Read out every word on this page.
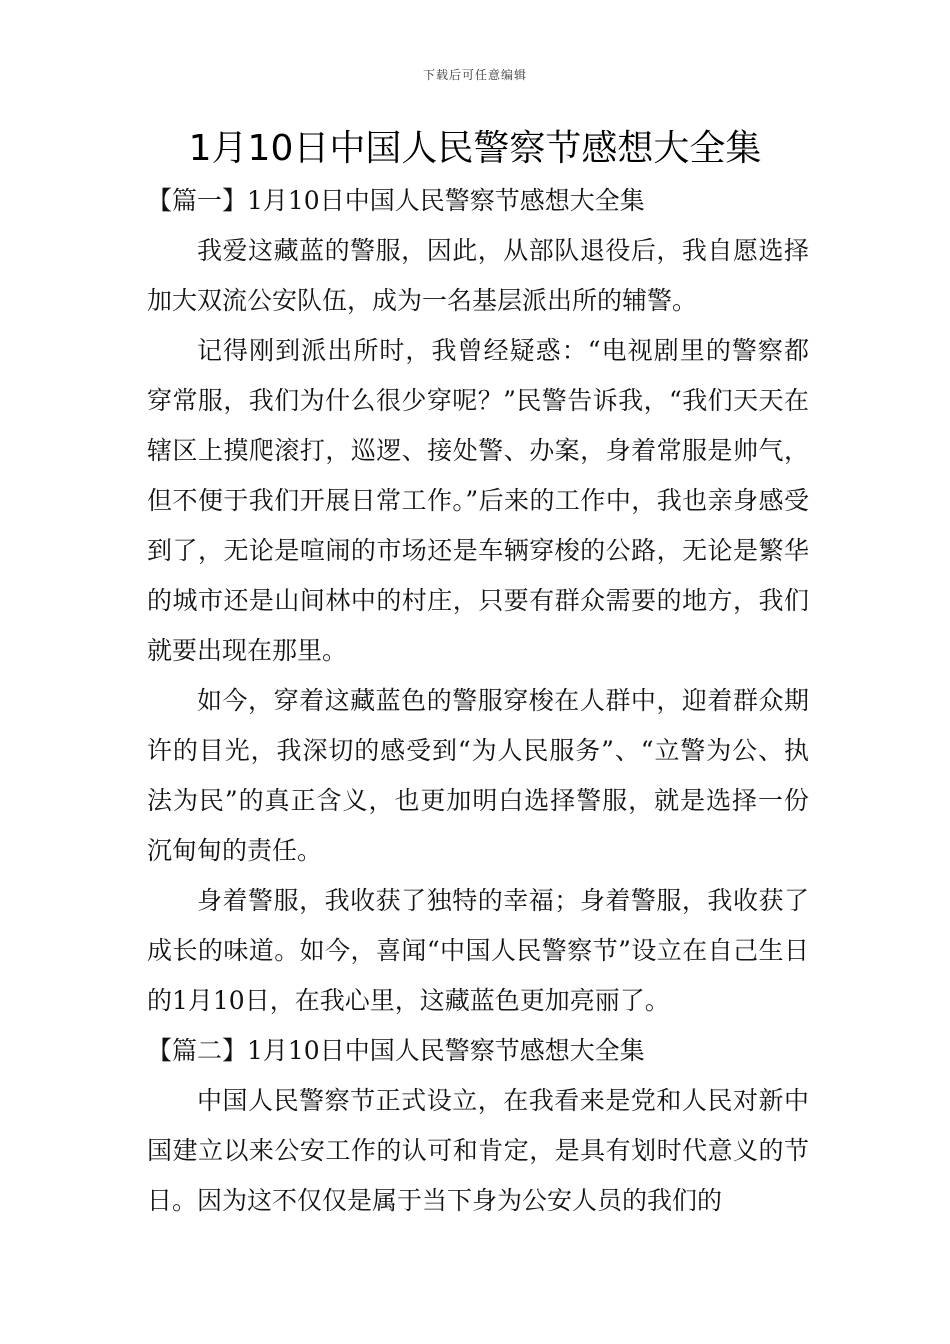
下载后可任意编辑
1月10日中国人民警察节感想大全集
【篇一】1月10日中国人民警察节感想大全集

我爱这藏蓝的警服，因此，从部队退役后，我自愿选择加大双流公安队伍，成为一名基层派出所的辅警。

记得刚到派出所时，我曾经疑惑：“电视剧里的警察都穿常服，我们为什么很少穿呢？”民警告诉我，“我们天天在辖区上摸爬滚打，巡逻、接处警、办案，身着常服是帅气，但不便于我们开展日常工作。”后来的工作中，我也亲身感受到了，无论是喧闹的市场还是车辆穿梭的公路，无论是繁华的城市还是山间林中的村庄，只要有群众需要的地方，我们就要出现在那里。

如今，穿着这藏蓝色的警服穿梭在人群中，迎着群众期许的目光，我深切的感受到“为人民服务”、“立警为公、执法为民”的真正含义，也更加明白选择警服，就是选择一份沉甸甸的责任。

身着警服，我收获了独特的幸福；身着警服，我收获了成长的味道。如今，喜闻“中国人民警察节”设立在自己生日的1月10日，在我心里，这藏蓝色更加亮丽了。

【篇二】1月10日中国人民警察节感想大全集

中国人民警察节正式设立，在我看来是党和人民对新中国建立以来公安工作的认可和肯定，是具有划时代意义的节日。因为这不仅仅是属于当下身为公安人员的我们的
